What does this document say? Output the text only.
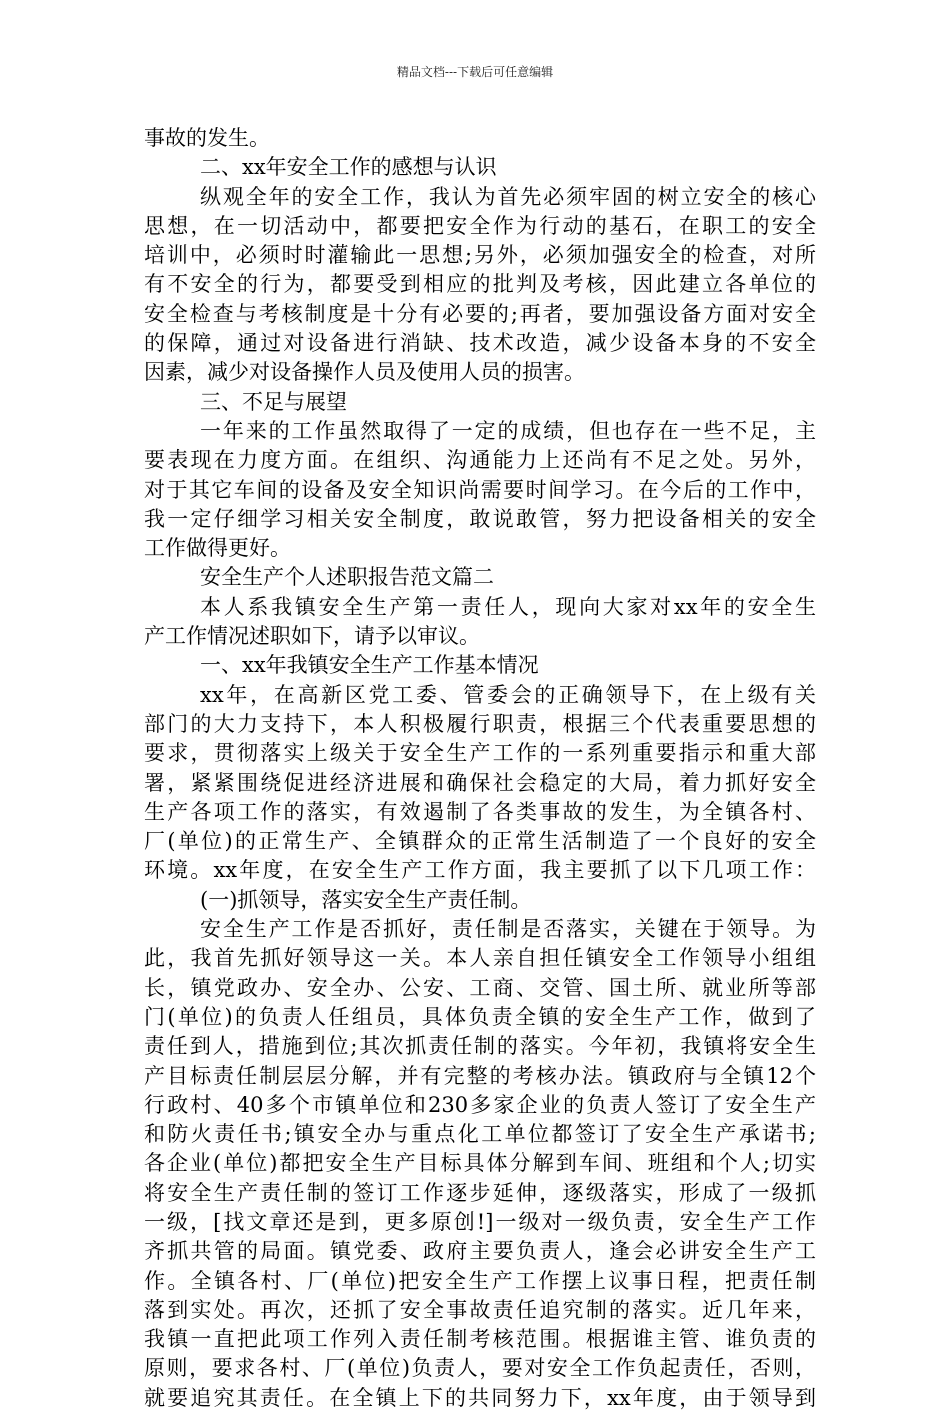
精品文档---下载后可任意编辑
事故的发生。
二、xx年安全工作的感想与认识
纵观全年的安全工作，我认为首先必须牢固的树立安全的核心
思想，在一切活动中，都要把安全作为行动的基石，在职工的安全
培训中，必须时时灌输此一思想;另外，必须加强安全的检查，对所
有不安全的行为，都要受到相应的批判及考核，因此建立各单位的
安全检查与考核制度是十分有必要的;再者，要加强设备方面对安全
的保障，通过对设备进行消缺、技术改造，减少设备本身的不安全
因素，减少对设备操作人员及使用人员的损害。
三、不足与展望
一年来的工作虽然取得了一定的成绩，但也存在一些不足，主
要表现在力度方面。在组织、沟通能力上还尚有不足之处。另外，
对于其它车间的设备及安全知识尚需要时间学习。在今后的工作中，
我一定仔细学习相关安全制度，敢说敢管，努力把设备相关的安全
工作做得更好。
安全生产个人述职报告范文篇二
本人系我镇安全生产第一责任人，现向大家对xx年的安全生
产工作情况述职如下，请予以审议。
一、xx年我镇安全生产工作基本情况
xx年，在高新区党工委、管委会的正确领导下，在上级有关
部门的大力支持下，本人积极履行职责，根据三个代表重要思想的
要求，贯彻落实上级关于安全生产工作的一系列重要指示和重大部
署，紧紧围绕促进经济进展和确保社会稳定的大局，着力抓好安全
生产各项工作的落实，有效遏制了各类事故的发生，为全镇各村、
厂(单位)的正常生产、全镇群众的正常生活制造了一个良好的安全
环境。xx年度，在安全生产工作方面，我主要抓了以下几项工作：
(一)抓领导，落实安全生产责任制。
安全生产工作是否抓好，责任制是否落实，关键在于领导。为
此，我首先抓好领导这一关。本人亲自担任镇安全工作领导小组组
长，镇党政办、安全办、公安、工商、交管、国土所、就业所等部
门(单位)的负责人任组员，具体负责全镇的安全生产工作，做到了
责任到人，措施到位;其次抓责任制的落实。今年初，我镇将安全生
产目标责任制层层分解，并有完整的考核办法。镇政府与全镇12个
行政村、40多个市镇单位和230多家企业的负责人签订了安全生产
和防火责任书;镇安全办与重点化工单位都签订了安全生产承诺书;
各企业(单位)都把安全生产目标具体分解到车间、班组和个人;切实
将安全生产责任制的签订工作逐步延伸，逐级落实，形成了一级抓
一级，[找文章还是到，更多原创!]一级对一级负责，安全生产工作
齐抓共管的局面。镇党委、政府主要负责人，逢会必讲安全生产工
作。全镇各村、厂(单位)把安全生产工作摆上议事日程，把责任制
落到实处。再次，还抓了安全事故责任追究制的落实。近几年来，
我镇一直把此项工作列入责任制考核范围。根据谁主管、谁负责的
原则，要求各村、厂(单位)负责人，要对安全工作负起责任，否则，
就要追究其责任。在全镇上下的共同努力下，xx年度，由于领导到
